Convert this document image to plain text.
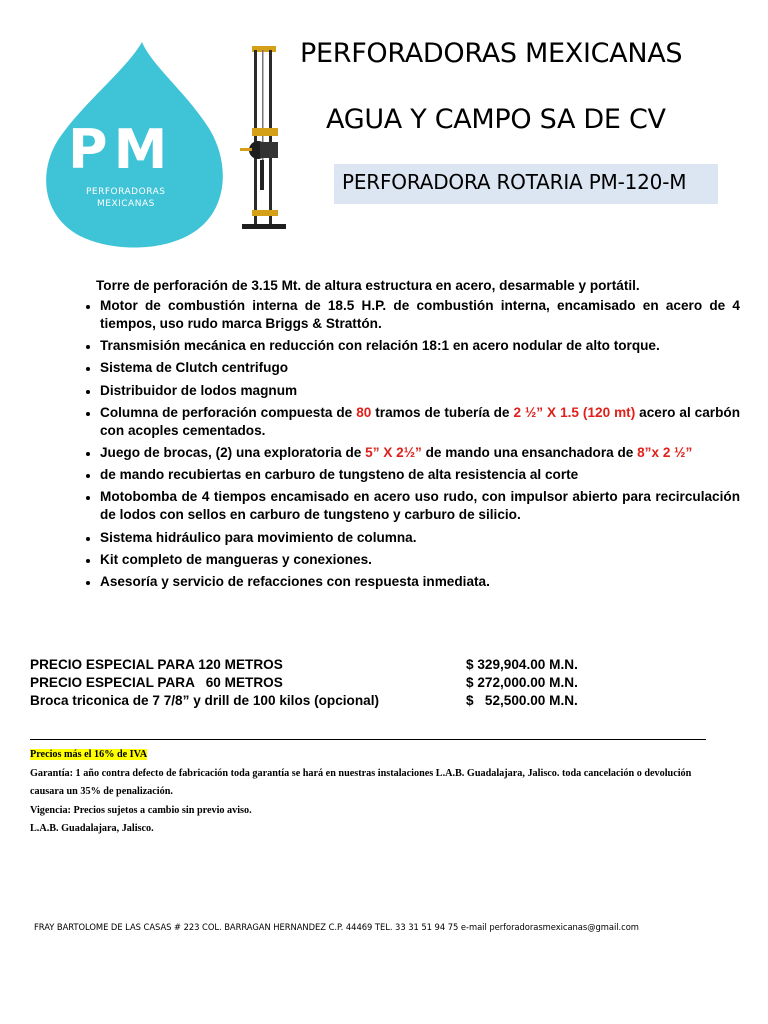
PM
PERFORADORAS
MEXICANAS
PERFORADORAS MEXICANAS
AGUA Y CAMPO SA DE CV
PERFORADORA ROTARIA PM-120-M

Torre de perforación de 3.15 Mt. de altura estructura en acero, desarmable y portátil.

• Motor de combustión interna de 18.5 H.P. de combustión interna, encamisado en acero de 4 tiempos, uso rudo marca Briggs & Strattón.
• Transmisión mecánica en reducción con relación 18:1 en acero nodular de alto torque.
• Sistema de Clutch centrifugo
• Distribuidor de lodos magnum
• Columna de perforación compuesta de 80 tramos de tubería de 2 ½” X 1.5 (120 mt) acero al carbón con acoples cementados.
• Juego de brocas, (2) una exploratoria de 5” X 2½” de mando una ensanchadora de 8”x 2 ½”
• de mando recubiertas en carburo de tungsteno de alta resistencia al corte
• Motobomba de 4 tiempos encamisado en acero uso rudo, con impulsor abierto para recirculación de lodos con sellos en carburo de tungsteno y carburo de silicio.
• Sistema hidráulico para movimiento de columna.
• Kit completo de mangueras y conexiones.
• Asesoría y servicio de refacciones con respuesta inmediata.
PRECIO ESPECIAL PARA 120 METROS	$ 329,904.00 M.N.
PRECIO ESPECIAL PARA   60 METROS	$ 272,000.00 M.N.
Broca triconica de 7 7/8” y drill de 100 kilos (opcional)	$   52,500.00 M.N.

Precios más el 16% de IVA

Garantía: 1 año contra defecto de fabricación toda garantía se hará en nuestras instalaciones L.A.B. Guadalajara, Jalisco. toda cancelación o devolución causara un 35% de penalización.

Vigencia: Precios sujetos a cambio sin previo aviso.

L.A.B. Guadalajara, Jalisco.

FRAY BARTOLOME DE LAS CASAS # 223 COL. BARRAGAN HERNANDEZ C.P. 44469 TEL. 33 31 51 94 75 e-mail perforadorasmexicanas@gmail.com
